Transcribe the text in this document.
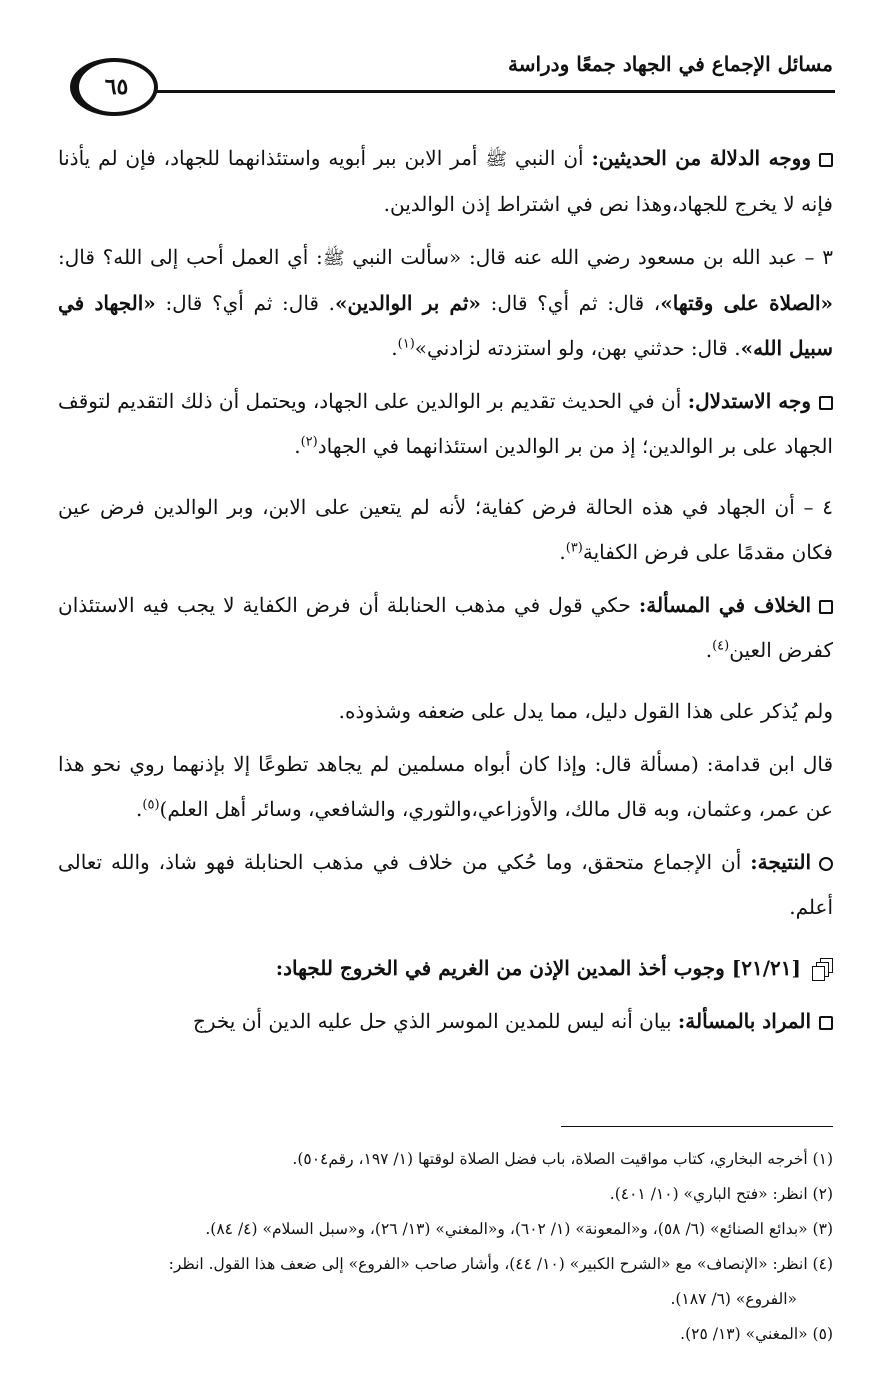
مسائل الإجماع في الجهاد جمعًا ودراسة
٦٥

ووجه الدلالة من الحديثين: أن النبي ﷺ أمر الابن ببر أبويه واستئذانهما للجهاد، فإن لم يأذنا فإنه لا يخرج للجهاد،وهذا نص في اشتراط إذن الوالدين.

٣ – عبد الله بن مسعود رضي الله عنه قال: «سألت النبي ﷺ: أي العمل أحب إلى الله؟ قال: «الصلاة على وقتها»، قال: ثم أي؟ قال: «ثم بر الوالدين». قال: ثم أي؟ قال: «الجهاد في سبيل الله». قال: حدثني بهن، ولو استزدته لزادني»$^{(١)}$.

وجه الاستدلال: أن في الحديث تقديم بر الوالدين على الجهاد، ويحتمل أن ذلك التقديم لتوقف الجهاد على بر الوالدين؛ إذ من بر الوالدين استئذانهما في الجهاد$^{(٢)}$.

٤ – أن الجهاد في هذه الحالة فرض كفاية؛ لأنه لم يتعين على الابن، وبر الوالدين فرض عين فكان مقدمًا على فرض الكفاية$^{(٣)}$.

الخلاف في المسألة: حكي قول في مذهب الحنابلة أن فرض الكفاية لا يجب فيه الاستئذان كفرض العين$^{(٤)}$.

ولم يُذكر على هذا القول دليل، مما يدل على ضعفه وشذوذه.

قال ابن قدامة: (مسألة قال: وإذا كان أبواه مسلمين لم يجاهد تطوعًا إلا بإذنهما روي نحو هذا عن عمر، وعثمان، وبه قال مالك، والأوزاعي،والثوري، والشافعي، وسائر أهل العلم)$^{(٥)}$.

النتيجة: أن الإجماع متحقق، وما حُكي من خلاف في مذهب الحنابلة فهو شاذ، والله تعالى أعلم.

[٢١/٢١] وجوب أخذ المدين الإذن من الغريم في الخروج للجهاد:

المراد بالمسألة: بيان أنه ليس للمدين الموسر الذي حل عليه الدين أن يخرج

(١) أخرجه البخاري، كتاب مواقيت الصلاة، باب فضل الصلاة لوقتها (١/ ١٩٧، رقم٥٠٤).

(٢) انظر: «فتح الباري» (١٠/ ٤٠١).

(٣) «بدائع الصنائع» (٦/ ٥٨)، و«المعونة» (١/ ٦٠٢)، و«المغني» (١٣/ ٢٦)، و«سبل السلام» (٤/ ٨٤).

(٤) انظر: «الإنصاف» مع «الشرح الكبير» (١٠/ ٤٤)، وأشار صاحب «الفروع» إلى ضعف هذا القول. انظر:

«الفروع» (٦/ ١٨٧).

(٥) «المغني» (١٣/ ٢٥).
